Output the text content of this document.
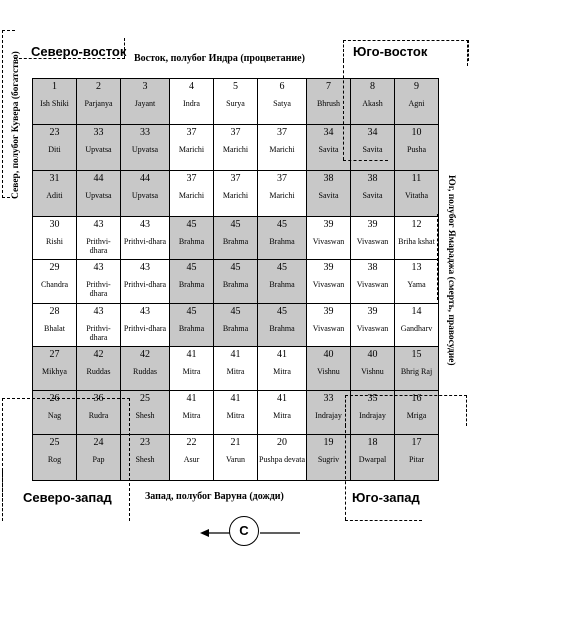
Северо-восток	Юго-восток
Северо-запад	Юго-запад
Восток, полубог Индра (процветание)
Запад, полубог Варуна (дожди)
Север, полубог Кувера (богатство)
Юг, полубог Ямараджа (смерть, правосудие)
1
Ish Shiki
2
Parjanya
3
Jayant
4
Indra
5
Surya
6
Satya
7
Bhrush
8
Akash
9
Agni
23
Diti
33
Upvatsa
33
Upvatsa
37
Marichi
37
Marichi
37
Marichi
34
Savita
34
Savita
10
Pusha
31
Aditi
44
Upvatsa
44
Upvatsa
37
Marichi
37
Marichi
37
Marichi
38
Savita
38
Savita
11
Vitatha
30
Rishi
43
Prithvi-dhara
43
Prithvi-dhara
45
Brahma
45
Brahma
45
Brahma
39
Vivaswan
39
Vivaswan
12
Briha kshat
29
Chandra
43
Prithvi-dhara
43
Prithvi-dhara
45
Brahma
45
Brahma
45
Brahma
39
Vivaswan
38
Vivaswan
13
Yama
28
Bhalat
43
Prithvi-dhara
43
Prithvi-dhara
45
Brahma
45
Brahma
45
Brahma
39
Vivaswan
39
Vivaswan
14
Gandharv
27
Mikhya
42
Ruddas
42
Ruddas
41
Mitra
41
Mitra
41
Mitra
40
Vishnu
40
Vishnu
15
Bhrig Raj
26
Nag
36
Rudra
25
Shesh
41
Mitra
41
Mitra
41
Mitra
33
Indrajay
35
Indrajay
16
Mriga
25
Rog
24
Pap
23
Shesh
22
Asur
21
Varun
20
Pushpa devata
19
Sugriv
18
Dwarpal
17
Pitar
С
